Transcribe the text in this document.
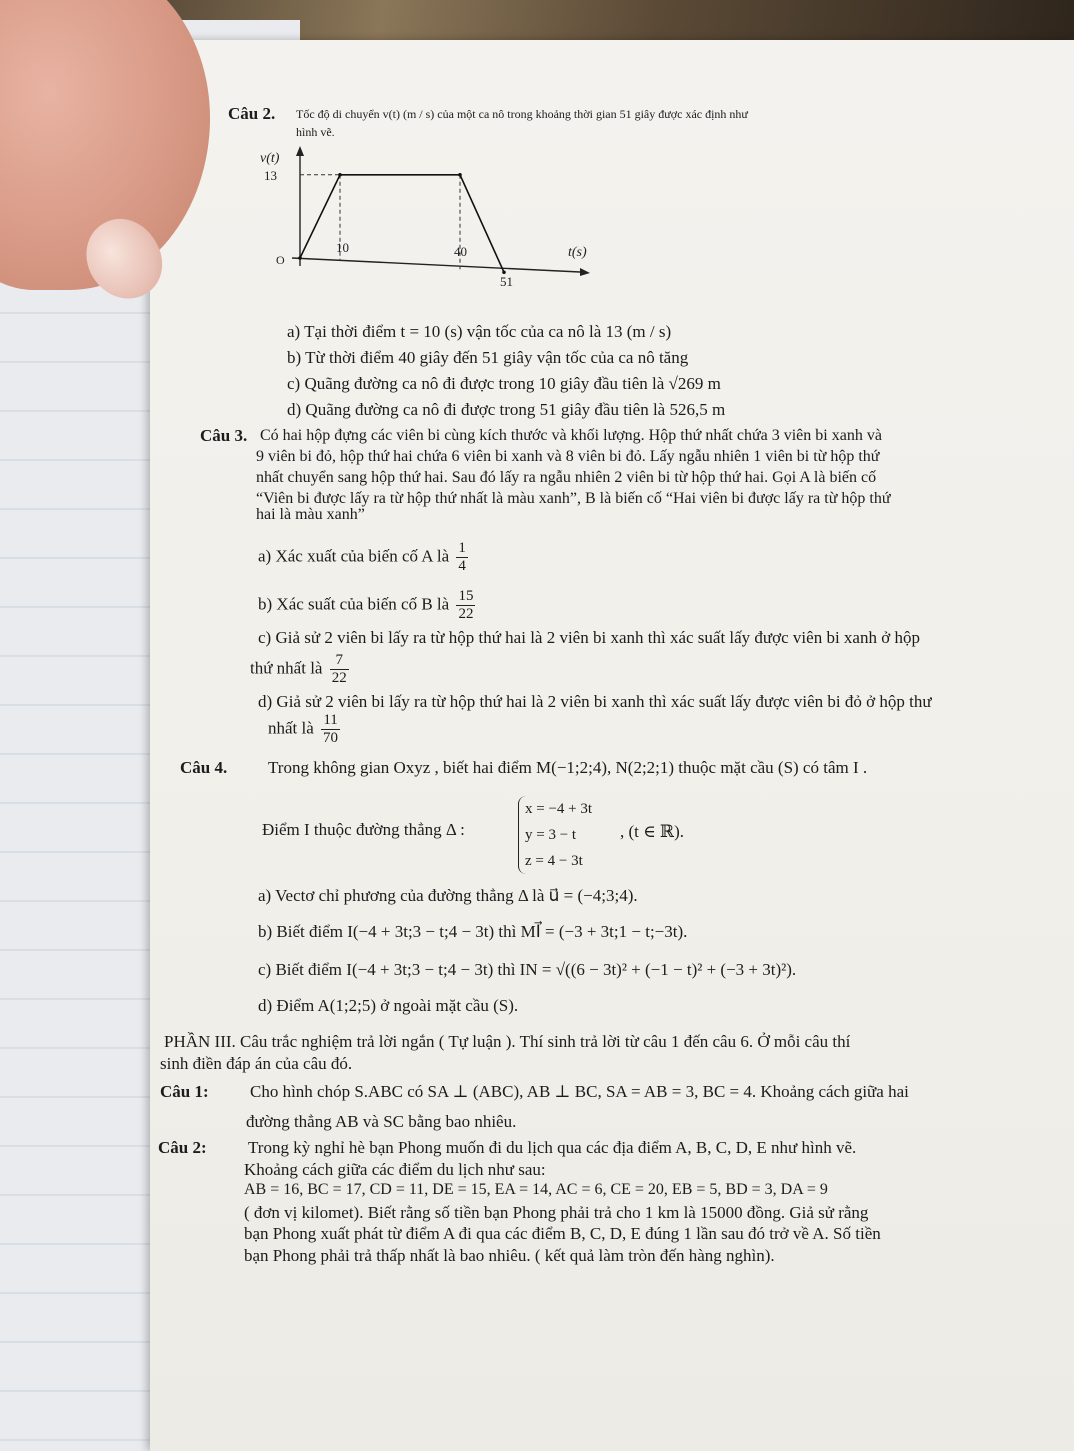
Câu 2. Tốc độ di chuyển v(t) (m / s) của một ca nô trong khoảng thời gian 51 giây được xác định như
hình vẽ.
v(t)
13
O
10	40
51
t(s)
a) Tại thời điểm t = 10 (s) vận tốc của ca nô là 13 (m / s)
b) Từ thời điểm 40 giây đến 51 giây vận tốc của ca nô tăng
c) Quãng đường ca nô đi được trong 10 giây đầu tiên là √269 m
d) Quãng đường ca nô đi được trong 51 giây đầu tiên là 526,5 m
Câu 3. Có hai hộp đựng các viên bi cùng kích thước và khối lượng. Hộp thứ nhất chứa 3 viên bi xanh và
9 viên bi đỏ, hộp thứ hai chứa 6 viên bi xanh và 8 viên bi đỏ. Lấy ngẫu nhiên 1 viên bi từ hộp thứ
nhất chuyển sang hộp thứ hai. Sau đó lấy ra ngẫu nhiên 2 viên bi từ hộp thứ hai. Gọi A là biến cố
“Viên bi được lấy ra từ hộp thứ nhất là màu xanh”, B là biến cố “Hai viên bi được lấy ra từ hộp thứ
hai là màu xanh”
a) Xác xuất của biến cố A là $\frac{1}{4}$
b) Xác suất của biến cố B là $\frac{15}{22}$
c) Giả sử 2 viên bi lấy ra từ hộp thứ hai là 2 viên bi xanh thì xác suất lấy được viên bi xanh ở hộp
thứ nhất là $\frac{7}{22}$
d) Giả sử 2 viên bi lấy ra từ hộp thứ hai là 2 viên bi xanh thì xác suất lấy được viên bi đỏ ở hộp thư
nhất là $\frac{11}{70}$
Câu 4. Trong không gian Oxyz , biết hai điểm M(−1;2;4), N(2;2;1) thuộc mặt cầu (S) có tâm I .
Điểm I thuộc đường thẳng Δ :
x = −4 + 3t
y = 3 − t
z = 4 − 3t
, (t ∈ ℝ).
a) Vectơ chỉ phương của đường thẳng Δ là u⃗ = (−4;3;4).
b) Biết điểm I(−4 + 3t;3 − t;4 − 3t) thì MI⃗ = (−3 + 3t;1 − t;−3t).
c) Biết điểm I(−4 + 3t;3 − t;4 − 3t) thì IN = √((6 − 3t)² + (−1 − t)² + (−3 + 3t)²).
d) Điểm A(1;2;5) ở ngoài mặt cầu (S).
PHẦN III. Câu trắc nghiệm trả lời ngắn ( Tự luận ). Thí sinh trả lời từ câu 1 đến câu 6. Ở mỗi câu thí
sinh điền đáp án của câu đó.
Câu 1: Cho hình chóp S.ABC có SA ⊥ (ABC), AB ⊥ BC, SA = AB = 3, BC = 4. Khoảng cách giữa hai
đường thẳng AB và SC bằng bao nhiêu.
Câu 2: Trong kỳ nghỉ hè bạn Phong muốn đi du lịch qua các địa điểm A, B, C, D, E như hình vẽ.
Khoảng cách giữa các điểm du lịch như sau:
AB = 16, BC = 17, CD = 11, DE = 15, EA = 14, AC = 6, CE = 20, EB = 5, BD = 3, DA = 9
( đơn vị kilomet). Biết rằng số tiền bạn Phong phải trả cho 1 km là 15000 đồng. Giả sử rằng
bạn Phong xuất phát từ điểm A đi qua các điểm B, C, D, E đúng 1 lần sau đó trở về A. Số tiền
bạn Phong phải trả thấp nhất là bao nhiêu. ( kết quả làm tròn đến hàng nghìn).
